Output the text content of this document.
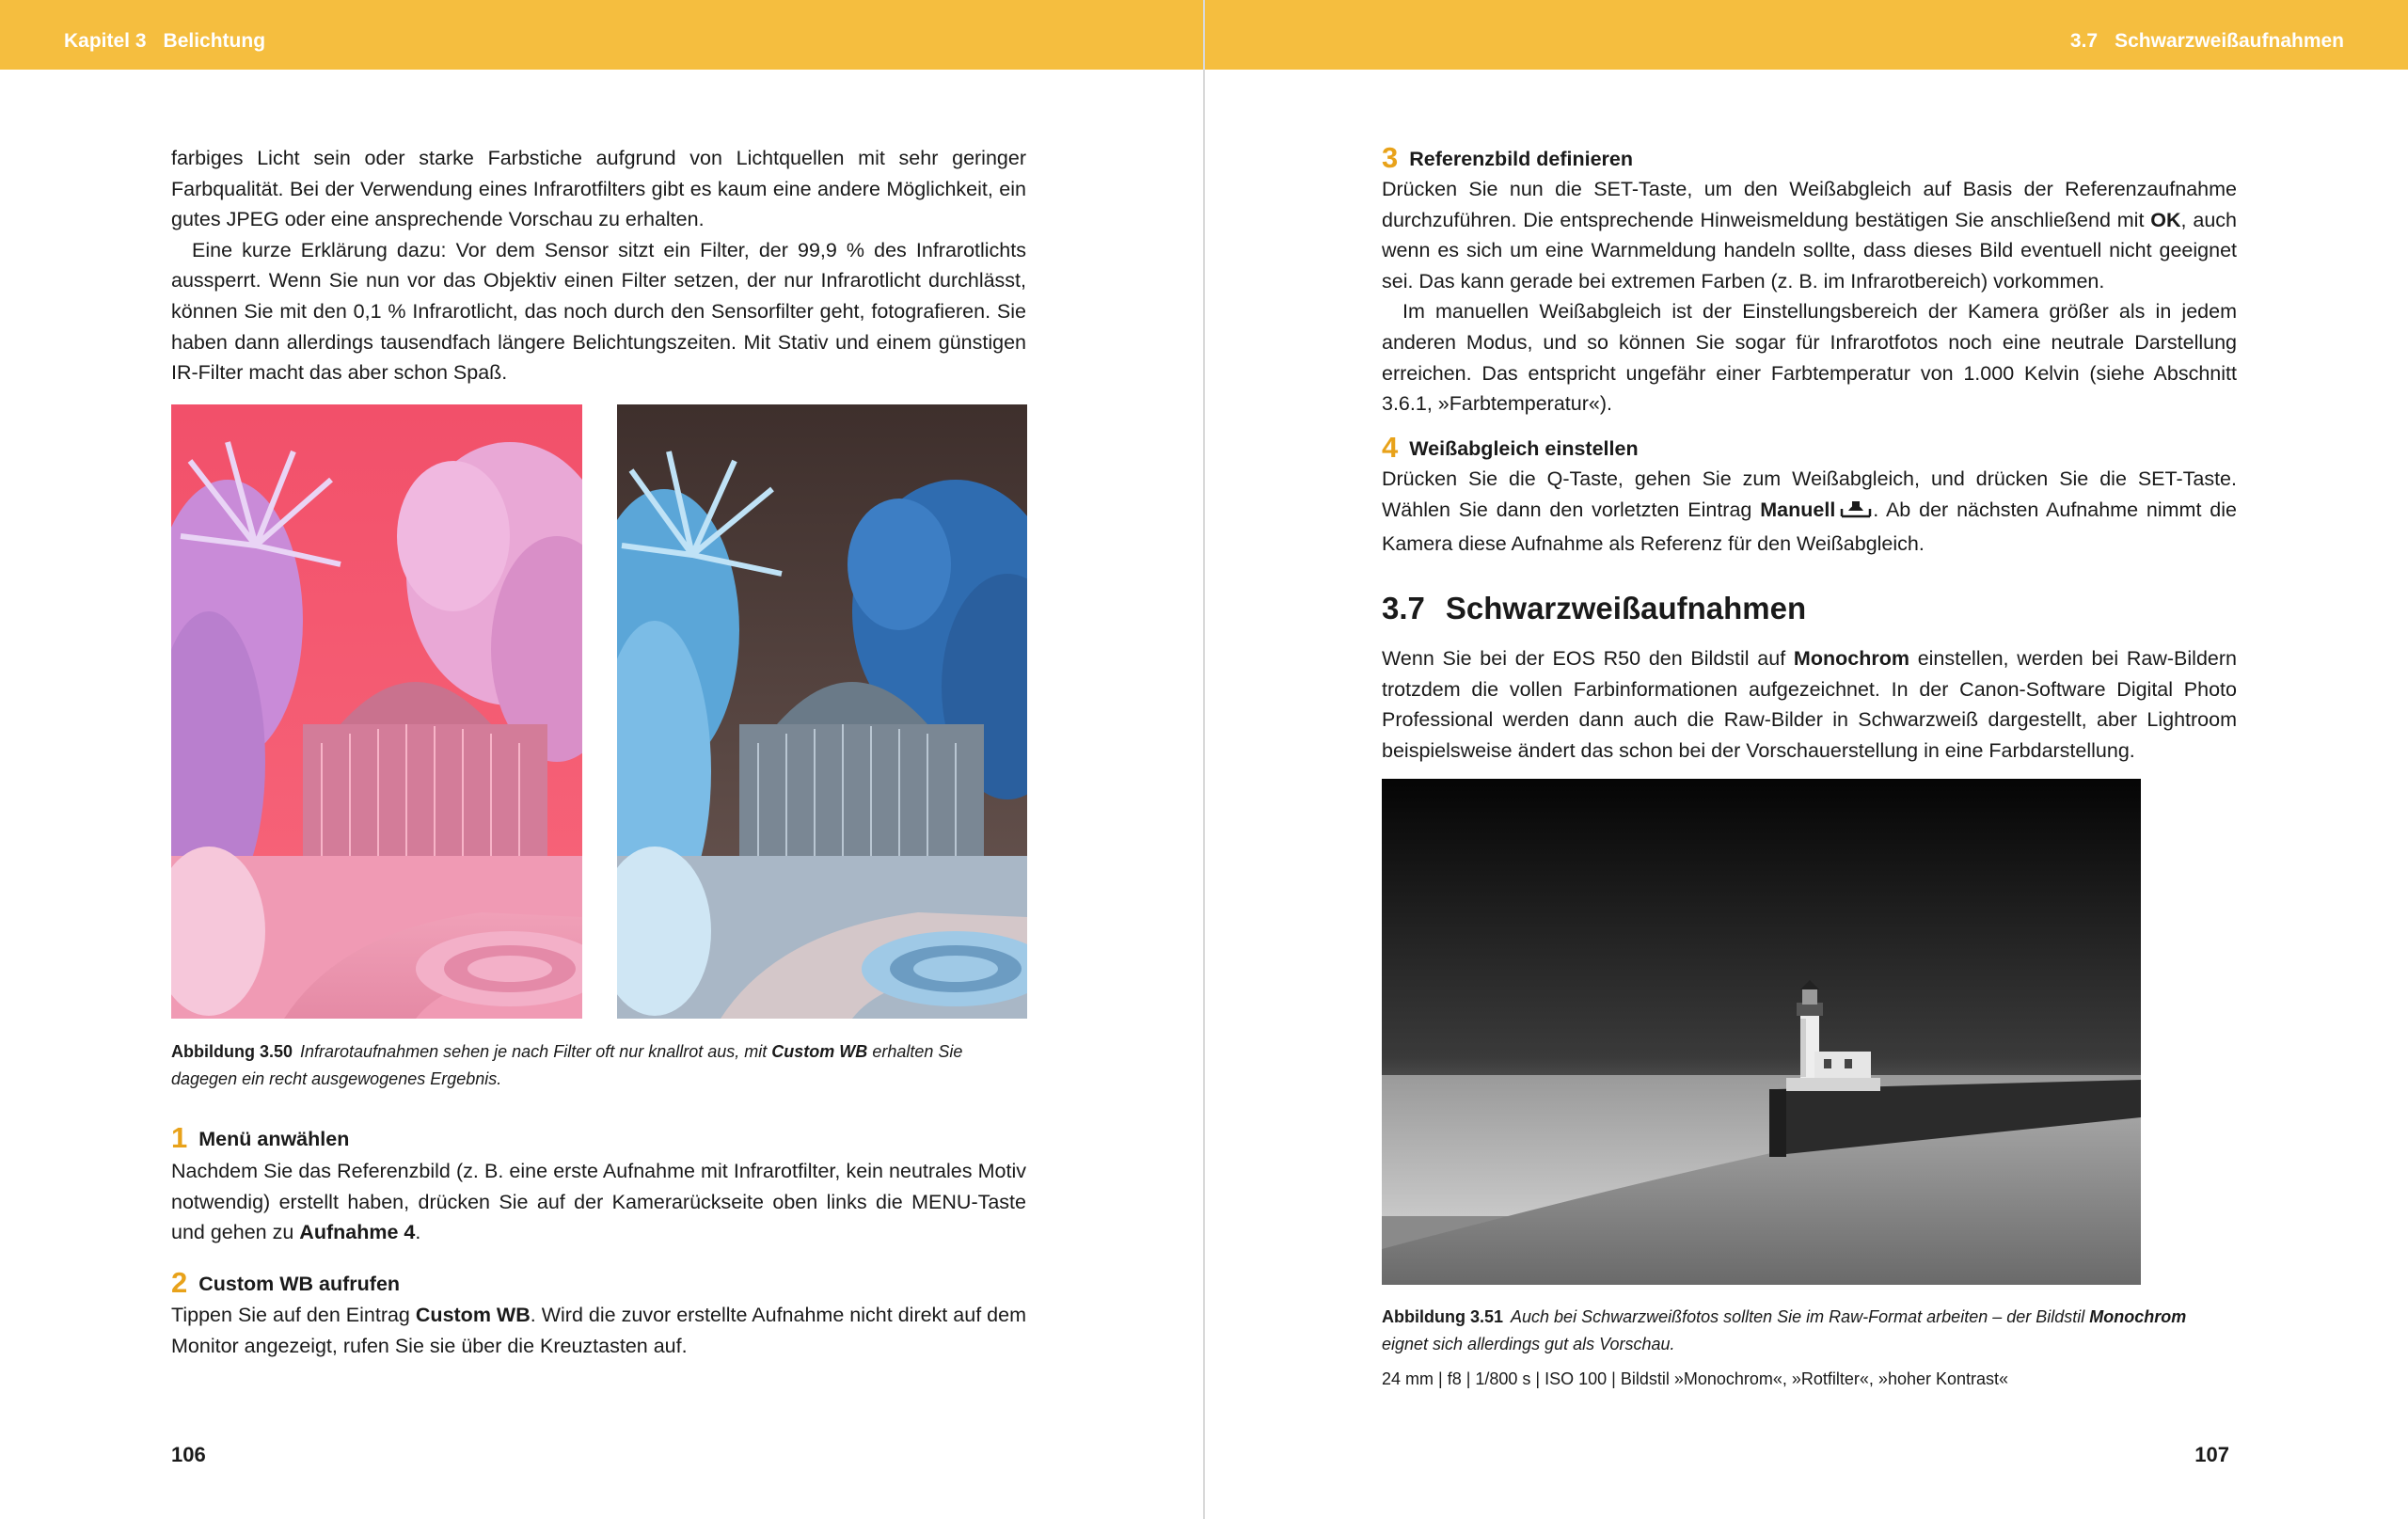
Kapitel 3 Belichtung

farbiges Licht sein oder starke Farbstiche aufgrund von Lichtquellen mit sehr geringer Farbqualität. Bei der Verwendung eines Infrarotfilters gibt es kaum eine andere Möglichkeit, ein gutes JPEG oder eine ansprechende Vorschau zu erhalten.

Eine kurze Erklärung dazu: Vor dem Sensor sitzt ein Filter, der 99,9 % des Infrarotlichts aussperrt. Wenn Sie nun vor das Objektiv einen Filter setzen, der nur Infrarotlicht durchlässt, können Sie mit den 0,1 % Infrarotlicht, das noch durch den Sensorfilter geht, fotografieren. Sie haben dann allerdings tausendfach längere Belichtungszeiten. Mit Stativ und einem günstigen IR-Filter macht das aber schon Spaß.

Abbildung 3.50 Infrarotaufnahmen sehen je nach Filter oft nur knallrot aus, mit Custom WB erhalten Sie dagegen ein recht ausgewogenes Ergebnis.

1 Menü anwählen

Nachdem Sie das Referenzbild (z. B. eine erste Aufnahme mit Infrarotfilter, kein neutrales Motiv notwendig) erstellt haben, drücken Sie auf der Kamerarückseite oben links die MENU-Taste und gehen zu Aufnahme 4.

2 Custom WB aufrufen

Tippen Sie auf den Eintrag Custom WB. Wird die zuvor erstellte Aufnahme nicht direkt auf dem Monitor angezeigt, rufen Sie sie über die Kreuztasten auf.

106
3.7 Schwarzweißaufnahmen
3 Referenzbild definieren

Drücken Sie nun die SET-Taste, um den Weißabgleich auf Basis der Referenzaufnahme durchzuführen. Die entsprechende Hinweismeldung bestätigen Sie anschließend mit OK, auch wenn es sich um eine Warnmeldung handeln sollte, dass dieses Bild eventuell nicht geeignet sei. Das kann gerade bei extremen Farben (z. B. im Infrarotbereich) vorkommen.

Im manuellen Weißabgleich ist der Einstellungsbereich der Kamera größer als in jedem anderen Modus, und so können Sie sogar für Infrarotfotos noch eine neutrale Darstellung erreichen. Das entspricht ungefähr einer Farbtemperatur von 1.000 Kelvin (siehe Abschnitt 3.6.1, »Farbtemperatur«).

4 Weißabgleich einstellen

Drücken Sie die Q-Taste, gehen Sie zum Weißabgleich, und drücken Sie die SET-Taste. Wählen Sie dann den vorletzten Eintrag Manuell . Ab der nächsten Aufnahme nimmt die Kamera diese Aufnahme als Referenz für den Weißabgleich.

3.7 Schwarzweißaufnahmen

Wenn Sie bei der EOS R50 den Bildstil auf Monochrom einstellen, werden bei Raw-Bildern trotzdem die vollen Farbinformationen aufgezeichnet. In der Canon-Software Digital Photo Professional werden dann auch die Raw-Bilder in Schwarzweiß dargestellt, aber Lightroom beispielsweise ändert das schon bei der Vorschauerstellung in eine Farbdarstellung.

Abbildung 3.51 Auch bei Schwarzweißfotos sollten Sie im Raw-Format arbeiten – der Bildstil Monochrom eignet sich allerdings gut als Vorschau.

24 mm | f8 | 1/800 s | ISO 100 | Bildstil »Monochrom«, »Rotfilter«, »hoher Kontrast«
107
